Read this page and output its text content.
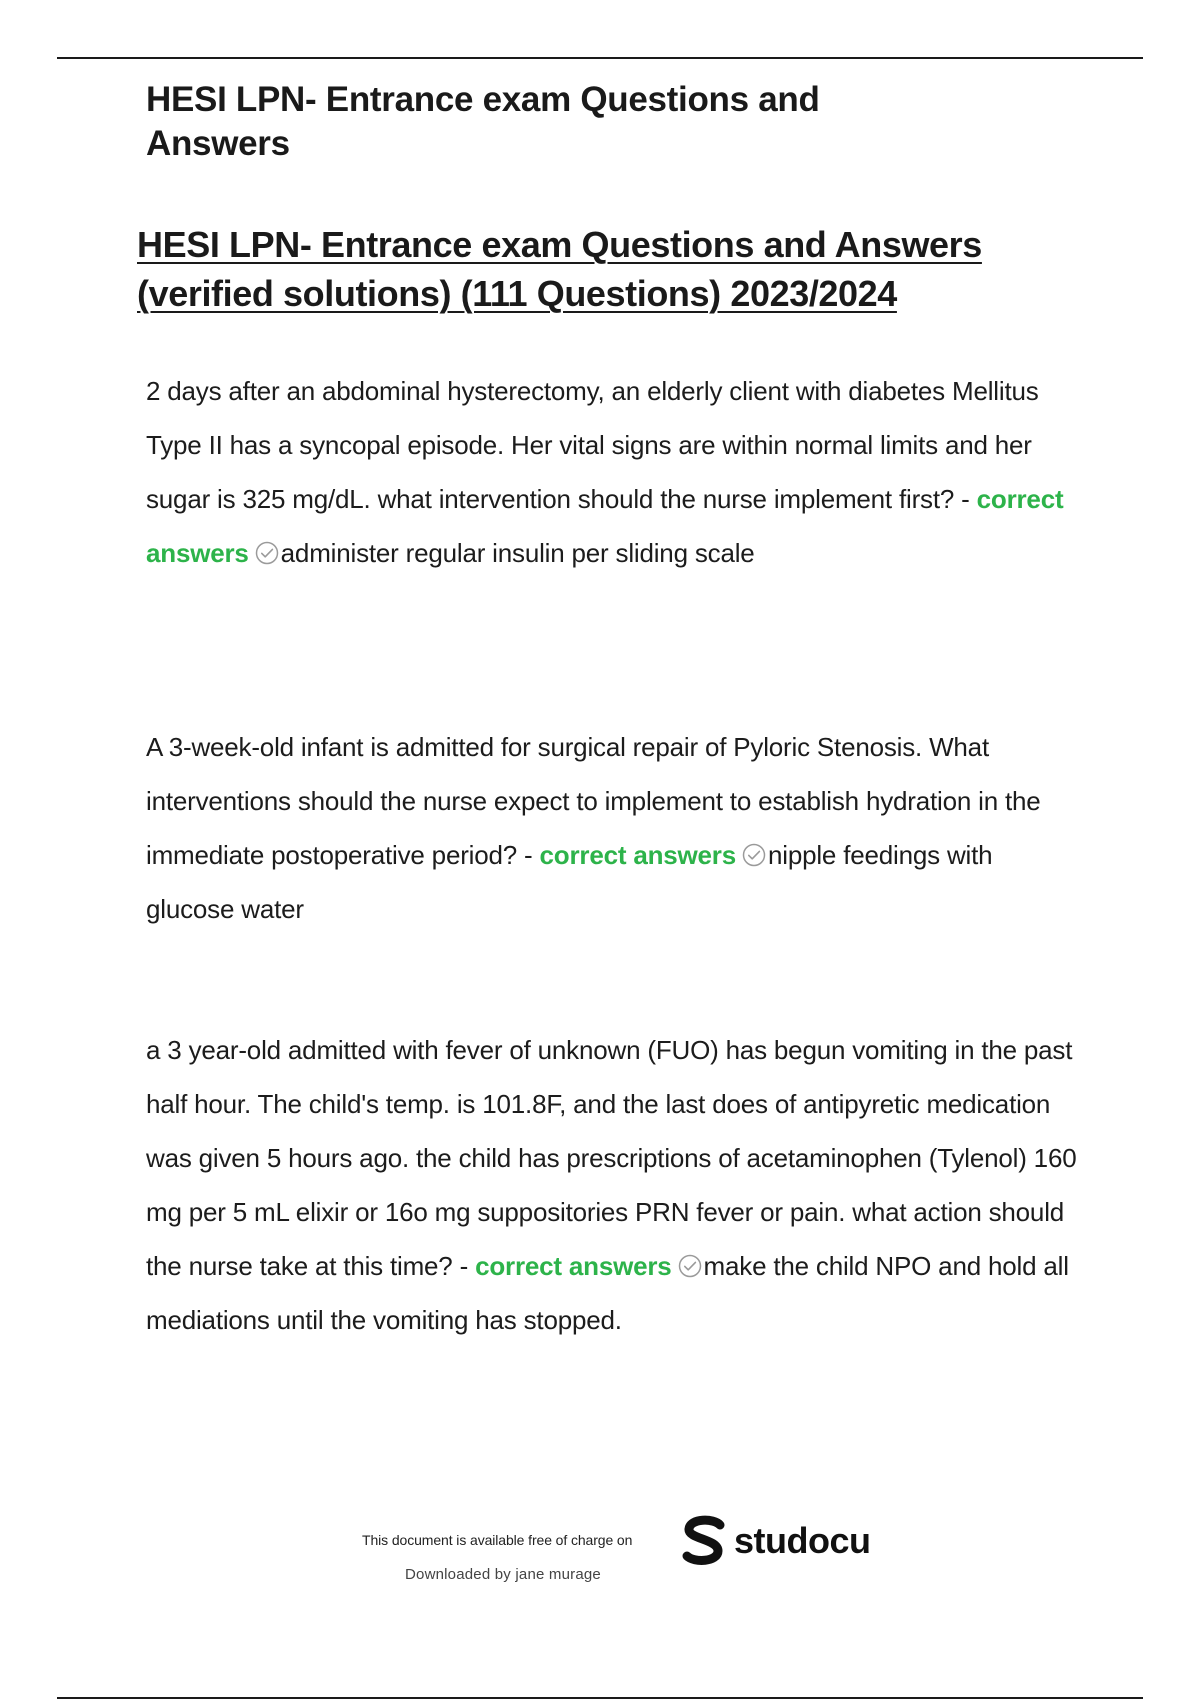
HESI LPN- Entrance exam Questions and Answers
HESI LPN- Entrance exam Questions and Answers (verified solutions) (111 Questions) 2023/2024

2 days after an abdominal hysterectomy, an elderly client with diabetes Mellitus Type II has a syncopal episode. Her vital signs are within normal limits and her sugar is 325 mg/dL. what intervention should the nurse implement first? - correct answers administer regular insulin per sliding scale

A 3-week-old infant is admitted for surgical repair of Pyloric Stenosis. What interventions should the nurse expect to implement to establish hydration in the immediate postoperative period? - correct answers nipple feedings with glucose water

a 3 year-old admitted with fever of unknown (FUO) has begun vomiting in the past half hour. The child's temp. is 101.8F, and the last does of antipyretic medication was given 5 hours ago. the child has prescriptions of acetaminophen (Tylenol) 160 mg per 5 mL elixir or 16o mg suppositories PRN fever or pain. what action should the nurse take at this time? - correct answers make the child NPO and hold all mediations until the vomiting has stopped.

This document is available free of charge on	studocu
Downloaded by jane murage
